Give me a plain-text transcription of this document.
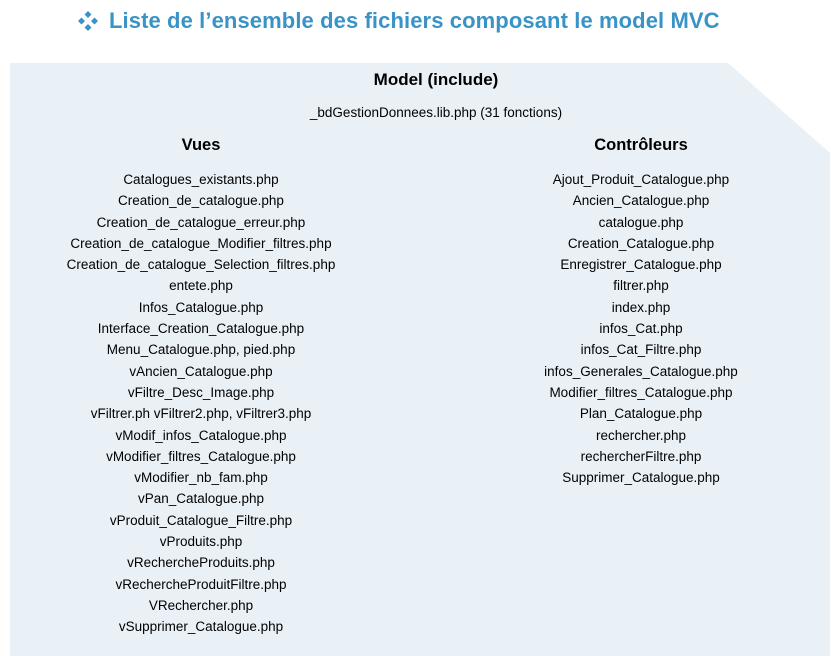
Liste de l’ensemble des fichiers composant le model MVC
Model (include)
_bdGestionDonnees.lib.php (31 fonctions)
Vues	Contrôleurs
Catalogues_existants.php
Creation_de_catalogue.php
Creation_de_catalogue_erreur.php
Creation_de_catalogue_Modifier_filtres.php
Creation_de_catalogue_Selection_filtres.php
entete.php
Infos_Catalogue.php
Interface_Creation_Catalogue.php
Menu_Catalogue.php, pied.php
vAncien_Catalogue.php
vFiltre_Desc_Image.php
vFiltrer.ph vFiltrer2.php, vFiltrer3.php
vModif_infos_Catalogue.php
vModifier_filtres_Catalogue.php
vModifier_nb_fam.php
vPan_Catalogue.php
vProduit_Catalogue_Filtre.php
vProduits.php
vRechercheProduits.php
vRechercheProduitFiltre.php
VRechercher.php
vSupprimer_Catalogue.php
Ajout_Produit_Catalogue.php
Ancien_Catalogue.php
catalogue.php
Creation_Catalogue.php
Enregistrer_Catalogue.php
filtrer.php
index.php
infos_Cat.php
infos_Cat_Filtre.php
infos_Generales_Catalogue.php
Modifier_filtres_Catalogue.php
Plan_Catalogue.php
rechercher.php
rechercherFiltre.php
Supprimer_Catalogue.php
